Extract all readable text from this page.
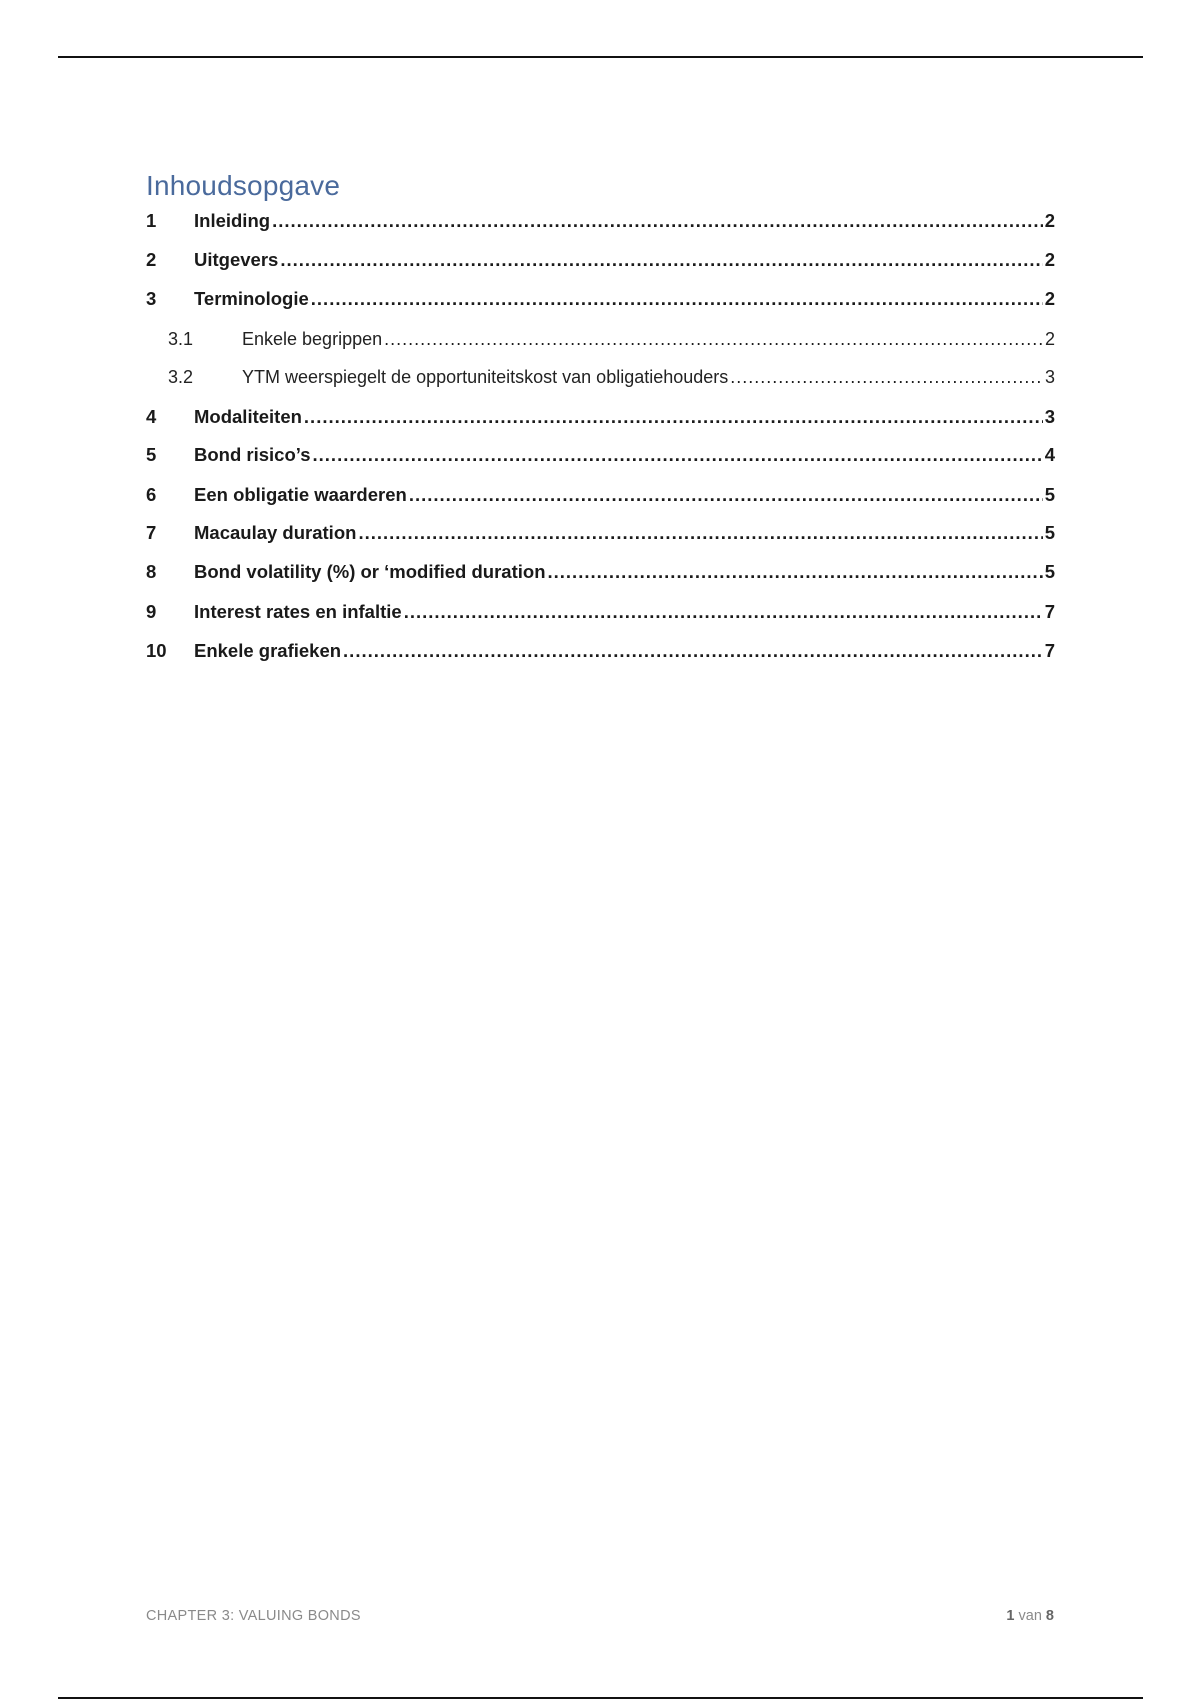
Inhoudsopgave
1	Inleiding .....	2
2	Uitgevers .....	2
3	Terminologie .....	2
3.1	Enkele begrippen .....	2
3.2	YTM weerspiegelt de opportuniteitskost van obligatiehouders .....	3
4	Modaliteiten .....	3
5	Bond risico’s .....	4
6	Een obligatie waarderen .....	5
7	Macaulay duration .....	5
8	Bond volatility (%) or ‘modified duration .....	5
9	Interest rates en infaltie .....	7
10	Enkele grafieken .....	7
CHAPTER 3: VALUING BONDS	1 van 8
